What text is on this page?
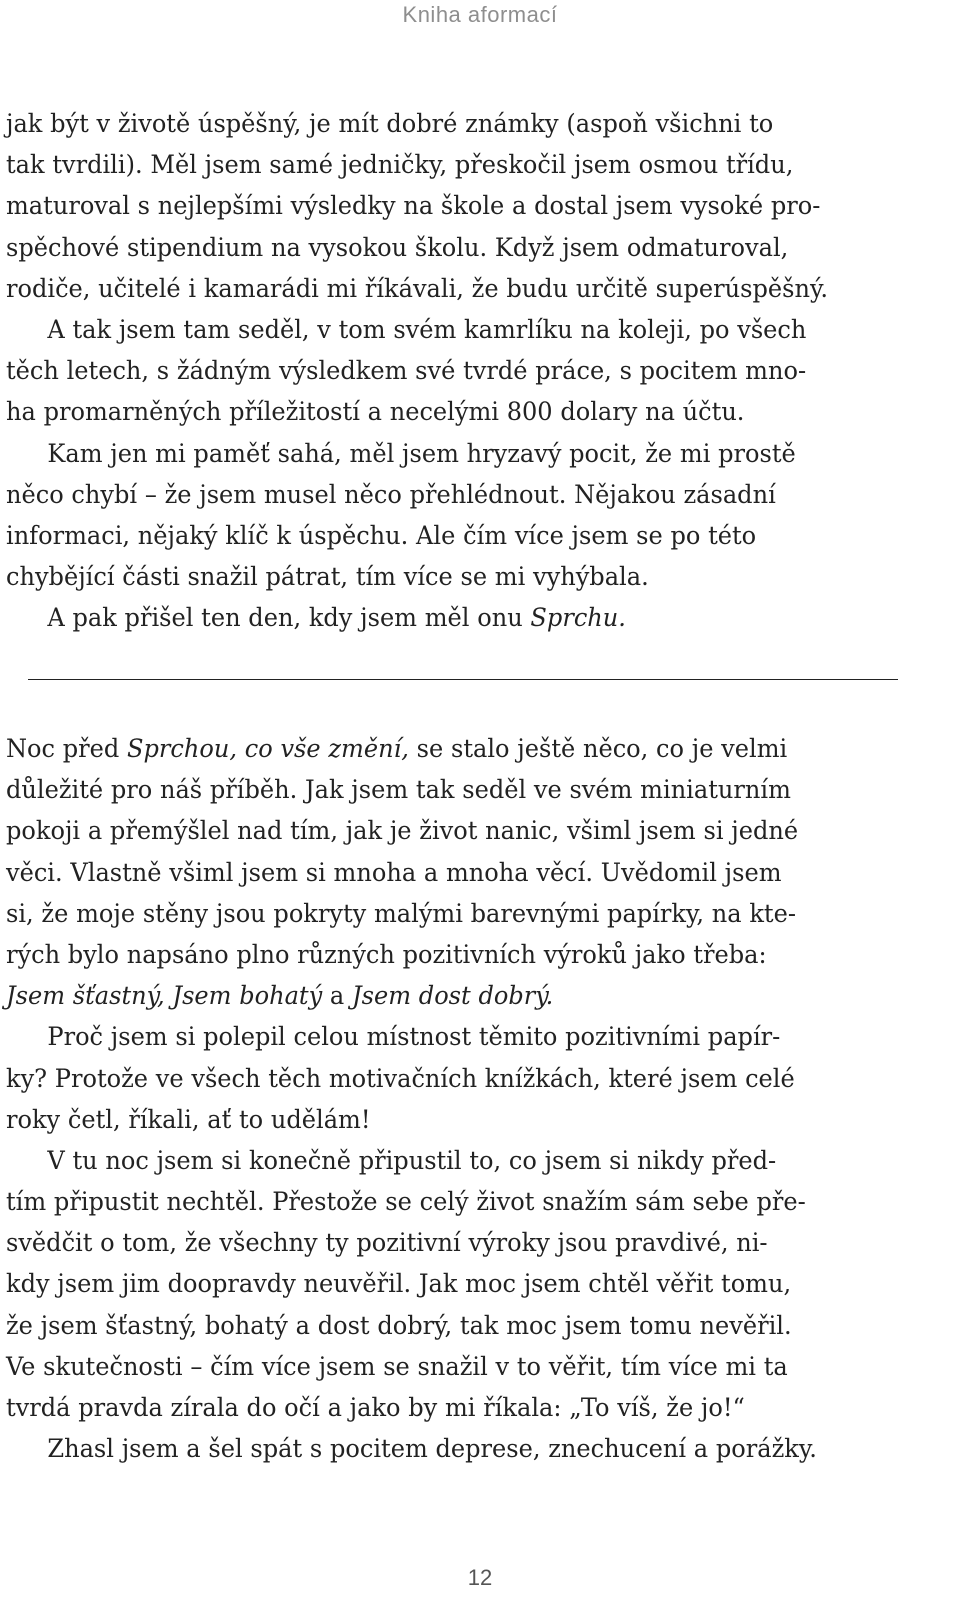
Kniha aformací
jak být v životě úspěšný, je mít dobré známky (aspoň všichni to
tak tvrdili). Měl jsem samé jedničky, přeskočil jsem osmou třídu,
maturoval s nejlepšími výsledky na škole a dostal jsem vysoké pro-
spěchové stipendium na vysokou školu. Když jsem odmaturoval,
rodiče, učitelé i kamarádi mi říkávali, že budu určitě superúspěšný.
A tak jsem tam seděl, v tom svém kamrlíku na koleji, po všech
těch letech, s žádným výsledkem své tvrdé práce, s pocitem mno-
ha promarněných příležitostí a necelými 800 dolary na účtu.
Kam jen mi paměť sahá, měl jsem hryzavý pocit, že mi prostě
něco chybí – že jsem musel něco přehlédnout. Nějakou zásadní
informaci, nějaký klíč k úspěchu. Ale čím více jsem se po této
chybějící části snažil pátrat, tím více se mi vyhýbala.
A pak přišel ten den, kdy jsem měl onu Sprchu.
Noc před Sprchou, co vše změní, se stalo ještě něco, co je velmi
důležité pro náš příběh. Jak jsem tak seděl ve svém miniaturním
pokoji a přemýšlel nad tím, jak je život nanic, všiml jsem si jedné
věci. Vlastně všiml jsem si mnoha a mnoha věcí. Uvědomil jsem
si, že moje stěny jsou pokryty malými barevnými papírky, na kte-
rých bylo napsáno plno různých pozitivních výroků jako třeba:
Jsem šťastný, Jsem bohatý a Jsem dost dobrý.
Proč jsem si polepil celou místnost těmito pozitivními papír-
ky? Protože ve všech těch motivačních knížkách, které jsem celé
roky četl, říkali, ať to udělám!
V tu noc jsem si konečně připustil to, co jsem si nikdy před-
tím připustit nechtěl. Přestože se celý život snažím sám sebe pře-
svědčit o tom, že všechny ty pozitivní výroky jsou pravdivé, ni-
kdy jsem jim doopravdy neuvěřil. Jak moc jsem chtěl věřit tomu,
že jsem šťastný, bohatý a dost dobrý, tak moc jsem tomu nevěřil.
Ve skutečnosti – čím více jsem se snažil v to věřit, tím více mi ta
tvrdá pravda zírala do očí a jako by mi říkala: „To víš, že jo!“
Zhasl jsem a šel spát s pocitem deprese, znechucení a porážky.
12
